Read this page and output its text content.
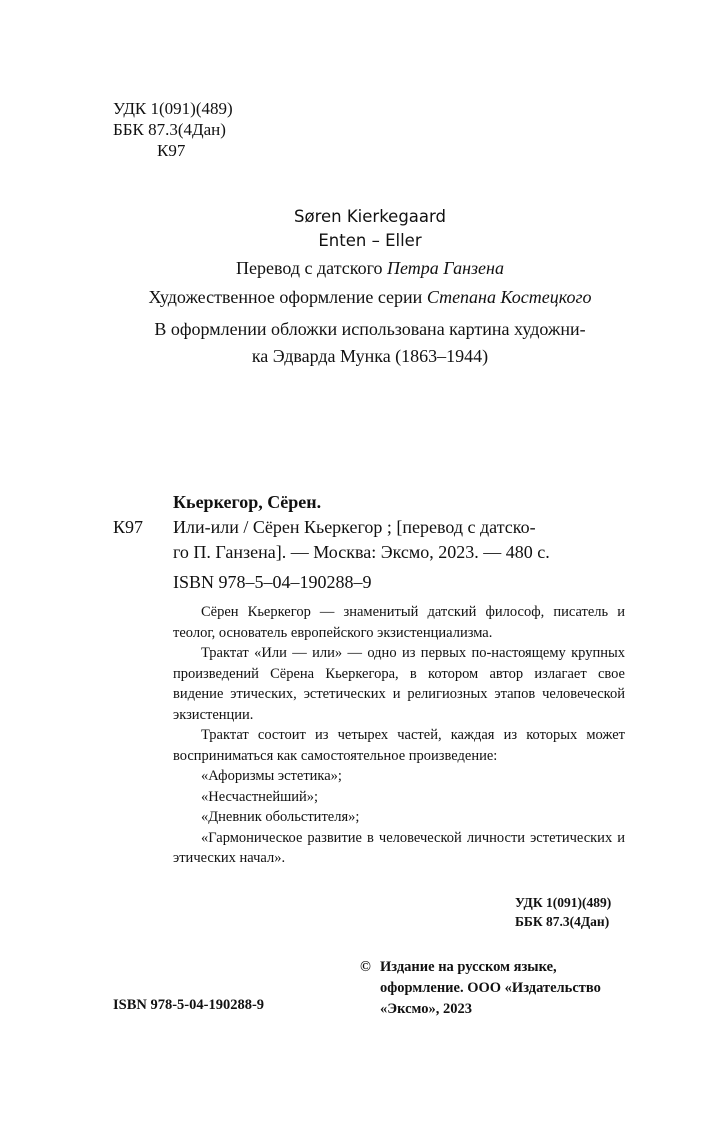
УДК 1(091)(489)
ББК 87.3(4Дан)
К97
Søren Kierkegaard
Enten – Eller
Перевод с датского Петра Ганзена
Художественное оформление серии Степана Костецкого
В оформлении обложки использована картина художни-
ка Эдварда Мунка (1863–1944)
Кьеркегор, Сёрен.
К97	Или-или / Сёрен Кьеркегор ; [перевод с датско-
го П. Ганзена]. — Москва: Эксмо, 2023. — 480 с.
ISBN 978–5–04–190288–9

Сёрен Кьеркегор — знаменитый датский философ, писатель и теолог, основатель европейского экзистенциализма.

Трактат «Или — или» — одно из первых по-настоящему крупных произведений Сёрена Кьеркегора, в котором автор излагает свое видение этических, эстетических и религиозных этапов человеческой экзистенции.

Трактат состоит из четырех частей, каждая из которых может восприниматься как самостоятельное произведение:

«Афоризмы эстетика»;

«Несчастнейший»;

«Дневник обольстителя»;

«Гармоническое развитие в человеческой личности эстетических и этических начал».

УДК 1(091)(489)
ББК 87.3(4Дан)
© Издание на русском языке, оформление. ООО «Издательство «Эксмо», 2023
ISBN 978-5-04-190288-9
